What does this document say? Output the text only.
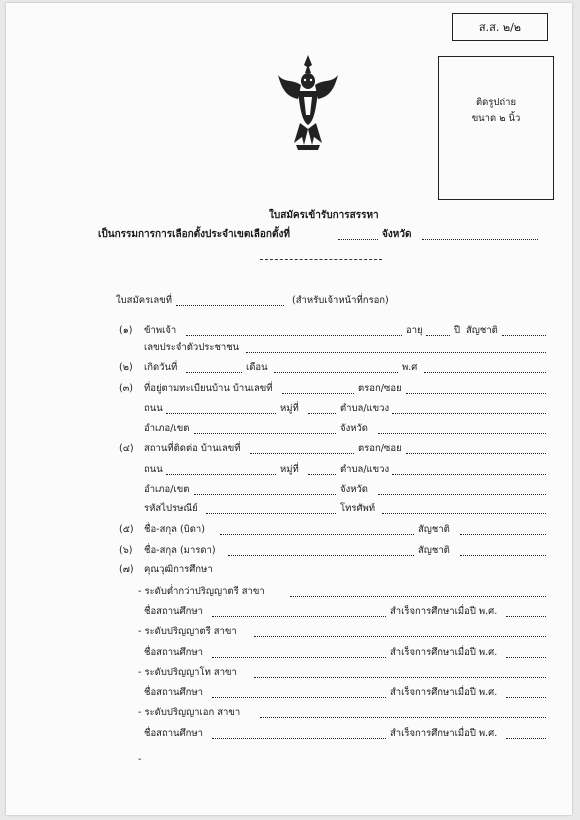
ส.ส. ๒/๒
ติดรูปถ่าย
ขนาด ๒ นิ้ว
ใบสมัครเข้ารับการสรรหา
เป็นกรรมการการเลือกตั้งประจำเขตเลือกตั้งที่	จังหวัด
ใบสมัครเลขที่	(สำหรับเจ้าหน้าที่กรอก)
(๑) ข้าพเจ้า	อายุ	ปี สัญชาติ
เลขประจำตัวประชาชน
(๒) เกิดวันที่	เดือน	พ.ศ
(๓) ที่อยู่ตามทะเบียนบ้าน บ้านเลขที่	ตรอก/ซอย
ถนน	หมู่ที่	ตำบล/แขวง
อำเภอ/เขต	จังหวัด
(๔) สถานที่ติดต่อ บ้านเลขที่	ตรอก/ซอย
ถนน	หมู่ที่	ตำบล/แขวง
อำเภอ/เขต	จังหวัด
รหัสไปรษณีย์	โทรศัพท์
(๕) ชื่อ-สกุล (บิดา)	สัญชาติ
(๖) ชื่อ-สกุล (มารดา)	สัญชาติ
(๗) คุณวุฒิการศึกษา
- ระดับต่ำกว่าปริญญาตรี สาขา
ชื่อสถานศึกษา	สำเร็จการศึกษาเมื่อปี พ.ศ.
- ระดับปริญญาตรี สาขา
ชื่อสถานศึกษา	สำเร็จการศึกษาเมื่อปี พ.ศ.
- ระดับปริญญาโท สาขา
ชื่อสถานศึกษา	สำเร็จการศึกษาเมื่อปี พ.ศ.
- ระดับปริญญาเอก สาขา
ชื่อสถานศึกษา	สำเร็จการศึกษาเมื่อปี พ.ศ.
-
